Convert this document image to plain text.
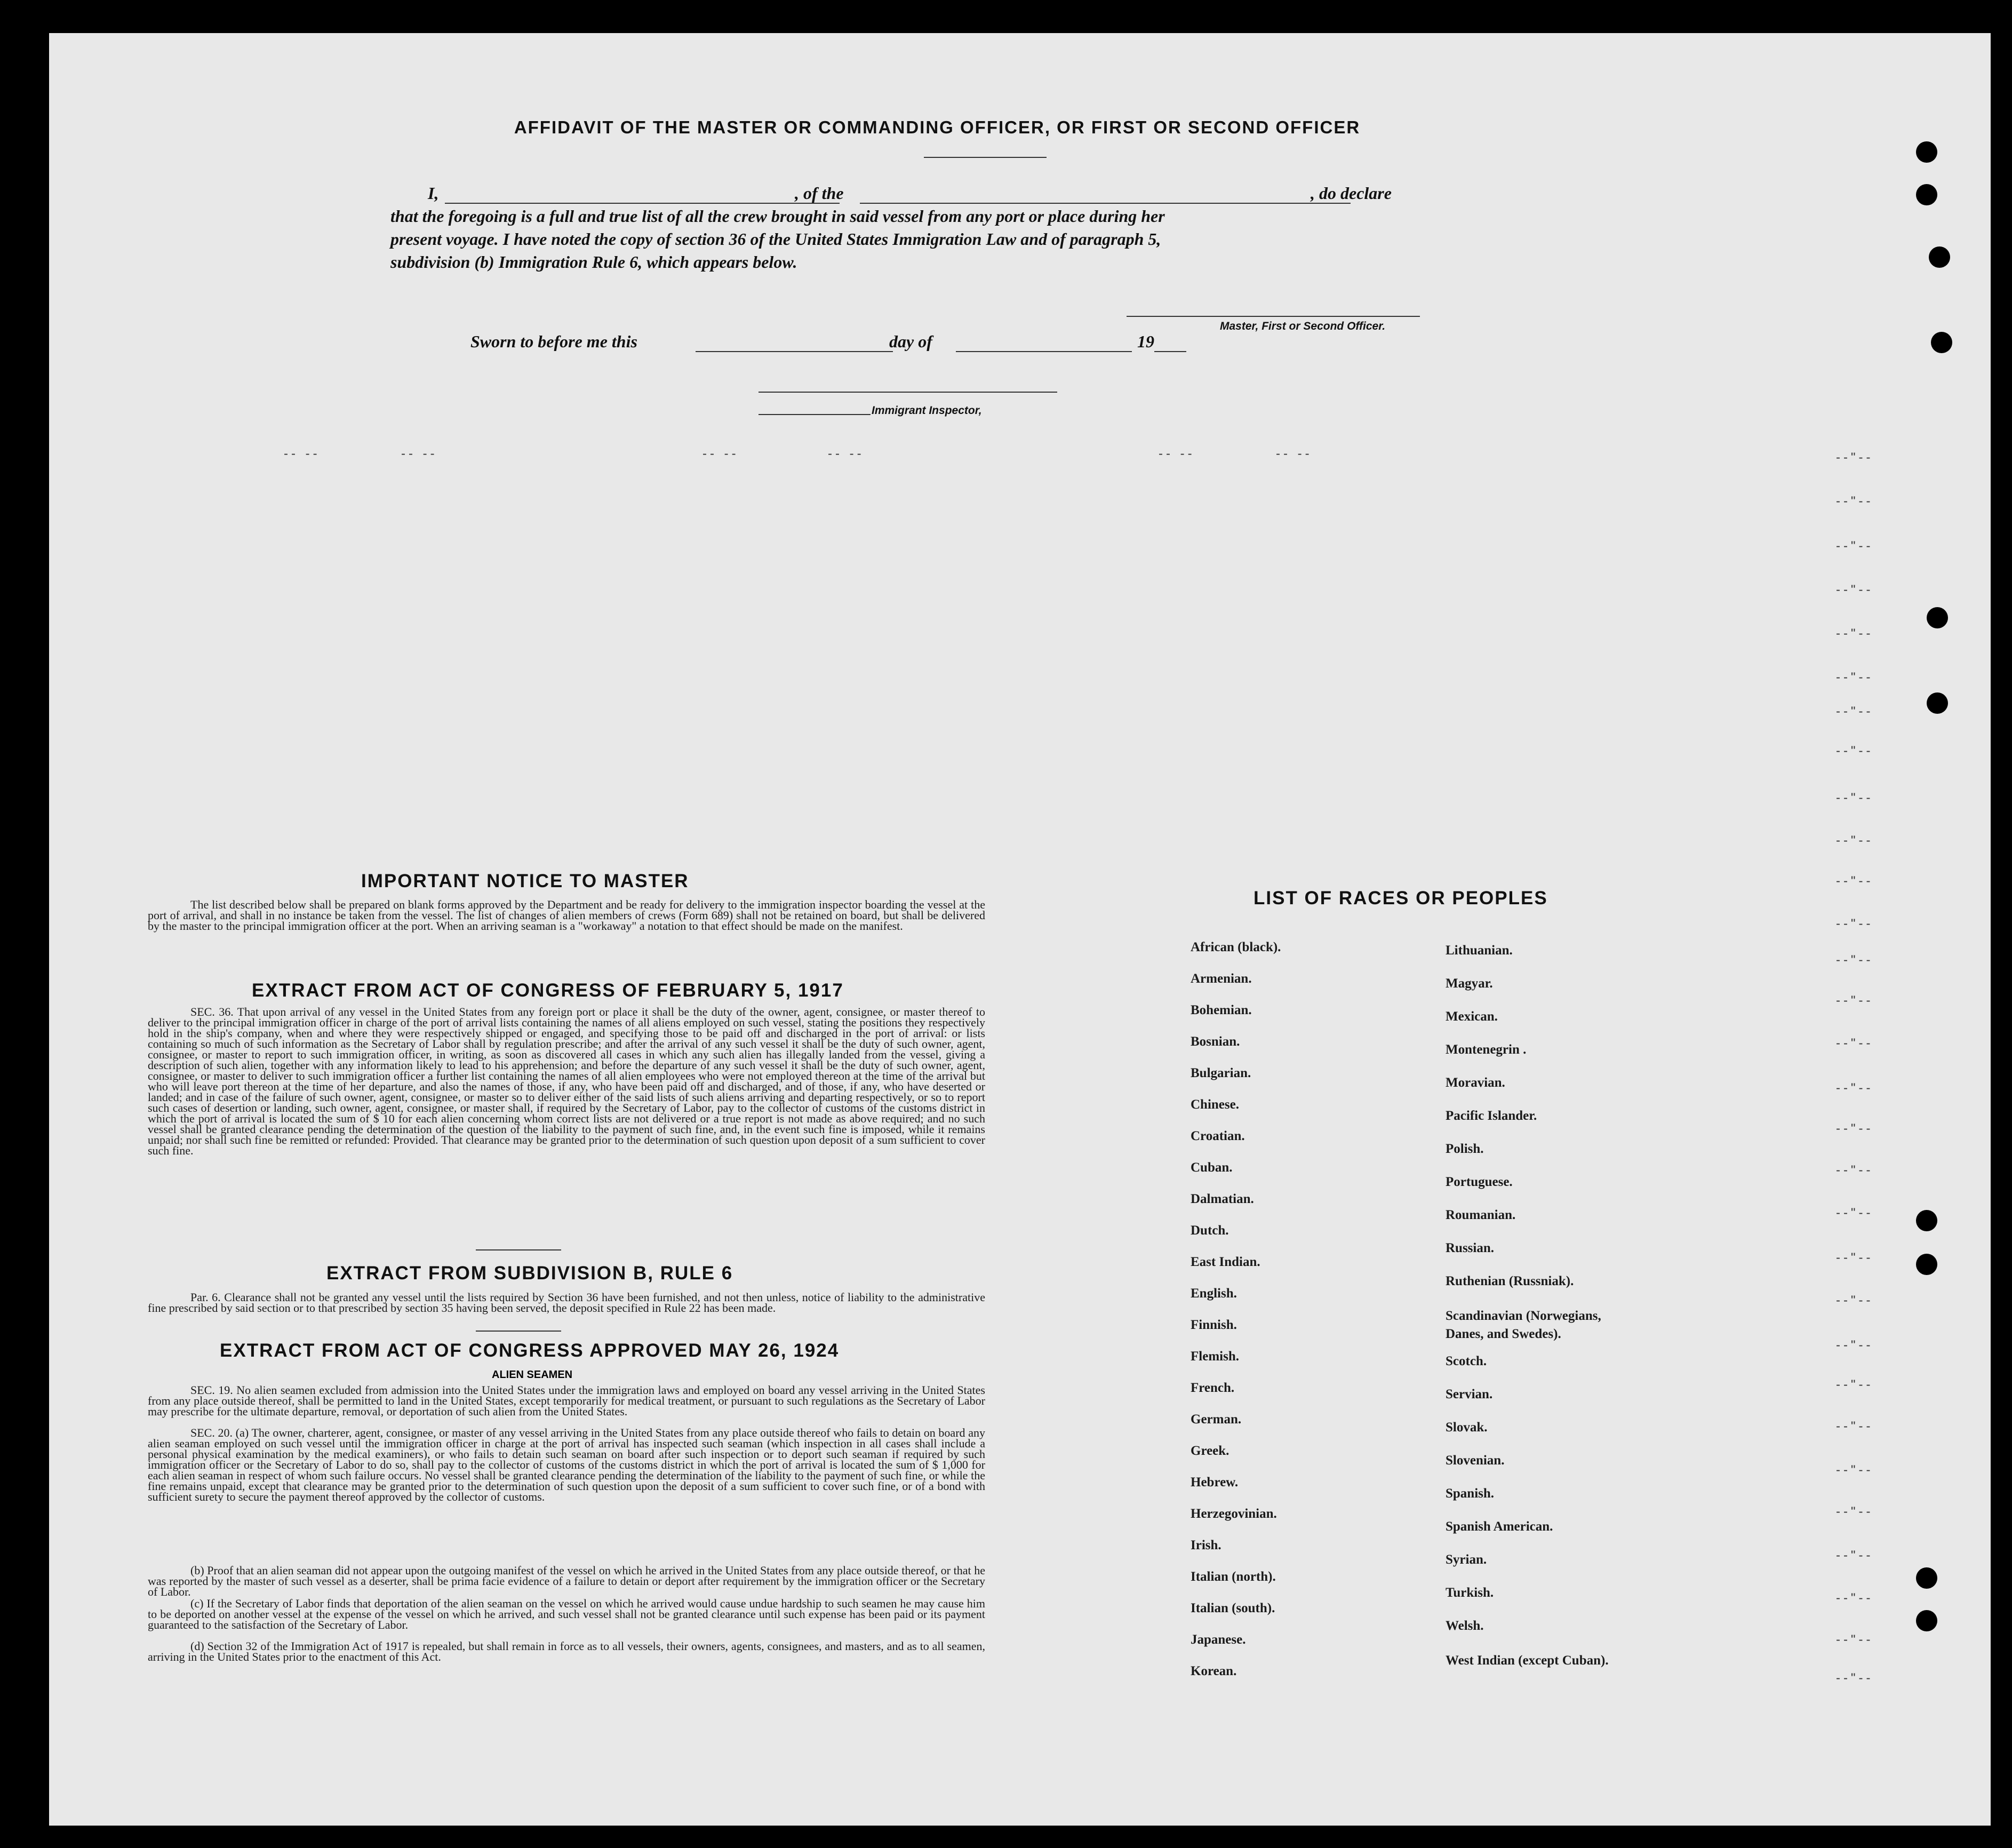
AFFIDAVIT OF THE MASTER OR COMMANDING OFFICER, OR FIRST OR SECOND OFFICER
I,	, of the	, do declare
that the foregoing is a full and true list of all the crew brought in said vessel from any port or place during her
present voyage. I have noted the copy of section 36 of the United States Immigration Law and of paragraph 5,
subdivision (b) Immigration Rule 6, which appears below.
Master, First or Second Officer.
Sworn to before me this	day of	19
Immigrant Inspector,
--"--
--"--
--"--
--"--
--"--
--"--
--"--
--"--
--"--
--"--
--"--
--"--
--"--
--"--
--"--
--"--
--"--
--"--
--"--
--"--
--"--
--"--
--"--
--"--
--"--
--"--
--"--
--"--
--"--
--"--
-- --	-- --	-- --	-- --	-- --	-- --
IMPORTANT NOTICE TO MASTER
The list described below shall be prepared on blank forms approved by the Department and be ready for delivery to the immigration inspector boarding the vessel at the port of arrival, and shall in no instance be taken from the vessel. The list of changes of alien members of crews (Form 689) shall not be retained on board, but shall be delivered by the master to the principal immigration officer at the port. When an arriving seaman is a "workaway" a notation to that effect should be made on the manifest.
EXTRACT FROM ACT OF CONGRESS OF FEBRUARY 5, 1917
SEC. 36. That upon arrival of any vessel in the United States from any foreign port or place it shall be the duty of the owner, agent, consignee, or master thereof to deliver to the principal immigration officer in charge of the port of arrival lists containing the names of all aliens employed on such vessel, stating the positions they respectively hold in the ship's company, when and where they were respectively shipped or engaged, and specifying those to be paid off and discharged in the port of arrival: or lists containing so much of such information as the Secretary of Labor shall by regulation prescribe; and after the arrival of any such vessel it shall be the duty of such owner, agent, consignee, or master to report to such immigration officer, in writing, as soon as discovered all cases in which any such alien has illegally landed from the vessel, giving a description of such alien, together with any information likely to lead to his apprehension; and before the departure of any such vessel it shall be the duty of such owner, agent, consignee, or master to deliver to such immigration officer a further list containing the names of all alien employees who were not employed thereon at the time of the arrival but who will leave port thereon at the time of her departure, and also the names of those, if any, who have been paid off and discharged, and of those, if any, who have deserted or landed; and in case of the failure of such owner, agent, consignee, or master so to deliver either of the said lists of such aliens arriving and departing respectively, or so to report such cases of desertion or landing, such owner, agent, consignee, or master shall, if required by the Secretary of Labor, pay to the collector of customs of the customs district in which the port of arrival is located the sum of $ 10 for each alien concerning whom correct lists are not delivered or a true report is not made as above required; and no such vessel shall be granted clearance pending the determination of the question of the liability to the payment of such fine, and, in the event such fine is imposed, while it remains unpaid; nor shall such fine be remitted or refunded: Provided. That clearance may be granted prior to the determination of such question upon deposit of a sum sufficient to cover such fine.
EXTRACT FROM SUBDIVISION B, RULE 6
Par. 6. Clearance shall not be granted any vessel until the lists required by Section 36 have been furnished, and not then unless, notice of liability to the administrative fine prescribed by said section or to that prescribed by section 35 having been served, the deposit specified in Rule 22 has been made.
EXTRACT FROM ACT OF CONGRESS APPROVED MAY 26, 1924
ALIEN SEAMEN
SEC. 19. No alien seamen excluded from admission into the United States under the immigration laws and employed on board any vessel arriving in the United States from any place outside thereof, shall be permitted to land in the United States, except temporarily for medical treatment, or pursuant to such regulations as the Secretary of Labor may prescribe for the ultimate departure, removal, or deportation of such alien from the United States.
SEC. 20. (a) The owner, charterer, agent, consignee, or master of any vessel arriving in the United States from any place outside thereof who fails to detain on board any alien seaman employed on such vessel until the immigration officer in charge at the port of arrival has inspected such seaman (which inspection in all cases shall include a personal physical examination by the medical examiners), or who fails to detain such seaman on board after such inspection or to deport such seaman if required by such immigration officer or the Secretary of Labor to do so, shall pay to the collector of customs of the customs district in which the port of arrival is located the sum of $ 1,000 for each alien seaman in respect of whom such failure occurs. No vessel shall be granted clearance pending the determination of the liability to the payment of such fine, or while the fine remains unpaid, except that clearance may be granted prior to the determination of such question upon the deposit of a sum sufficient to cover such fine, or of a bond with sufficient surety to secure the payment thereof approved by the collector of customs.
(b) Proof that an alien seaman did not appear upon the outgoing manifest of the vessel on which he arrived in the United States from any place outside thereof, or that he was reported by the master of such vessel as a deserter, shall be prima facie evidence of a failure to detain or deport after requirement by the immigration officer or the Secretary of Labor.
(c) If the Secretary of Labor finds that deportation of the alien seaman on the vessel on which he arrived would cause undue hardship to such seamen he may cause him to be deported on another vessel at the expense of the vessel on which he arrived, and such vessel shall not be granted clearance until such expense has been paid or its payment guaranteed to the satisfaction of the Secretary of Labor.
(d) Section 32 of the Immigration Act of 1917 is repealed, but shall remain in force as to all vessels, their owners, agents, consignees, and masters, and as to all seamen, arriving in the United States prior to the enactment of this Act.
LIST OF RACES OR PEOPLES
African (black).
Armenian.
Bohemian.
Bosnian.
Bulgarian.
Chinese.
Croatian.
Cuban.
Dalmatian.
Dutch.
East Indian.
English.
Finnish.
Flemish.
French.
German.
Greek.
Hebrew.
Herzegovinian.
Irish.
Italian (north).
Italian (south).
Japanese.
Korean.
Lithuanian.
Magyar.
Mexican.
Montenegrin .
Moravian.
Pacific Islander.
Polish.
Portuguese.
Roumanian.
Russian.
Ruthenian (Russniak).
Scandinavian (Norwegians, Danes, and Swedes).
Scotch.
Servian.
Slovak.
Slovenian.
Spanish.
Spanish American.
Syrian.
Turkish.
Welsh.
West Indian (except Cuban).
